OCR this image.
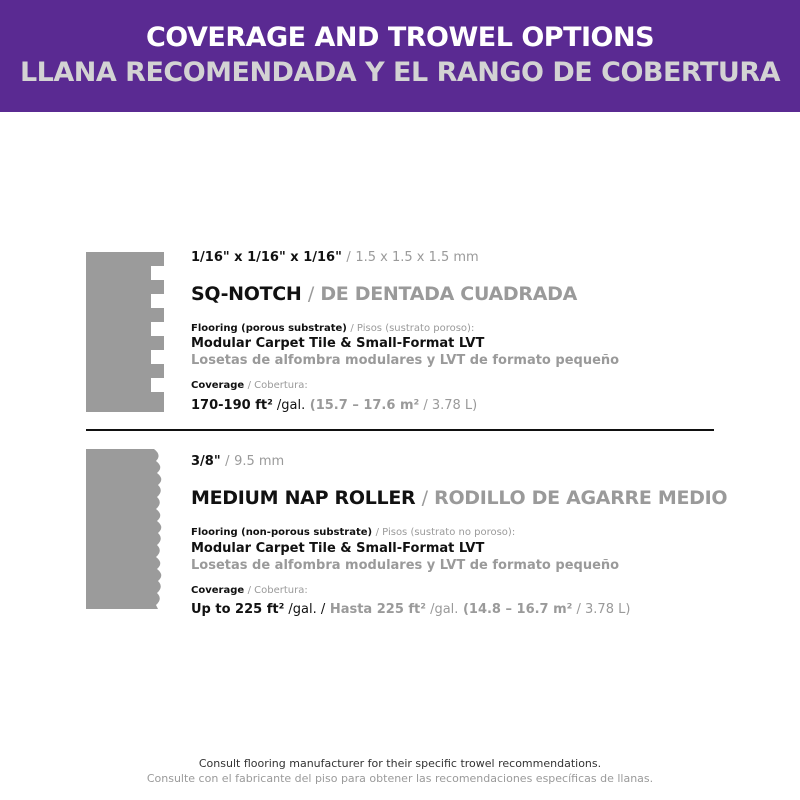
COVERAGE AND TROWEL OPTIONS
LLANA RECOMENDADA Y EL RANGO DE COBERTURA
1/16" x 1/16" x 1/16" / 1.5 x 1.5 x 1.5 mm
SQ-NOTCH / DE DENTADA CUADRADA
Flooring (porous substrate) / Pisos (sustrato poroso):
Modular Carpet Tile & Small-Format LVT
Losetas de alfombra modulares y LVT de formato pequeño
Coverage / Cobertura:
170-190 ft² /gal. (15.7 – 17.6 m² / 3.78 L)
3/8" / 9.5 mm
MEDIUM NAP ROLLER / RODILLO DE AGARRE MEDIO
Flooring (non-porous substrate) / Pisos (sustrato no poroso):
Modular Carpet Tile & Small-Format LVT
Losetas de alfombra modulares y LVT de formato pequeño
Coverage / Cobertura:
Up to 225 ft² /gal. / Hasta 225 ft² /gal. (14.8 – 16.7 m² / 3.78 L)
Consult flooring manufacturer for their specific trowel recommendations.
Consulte con el fabricante del piso para obtener las recomendaciones específicas de llanas.
